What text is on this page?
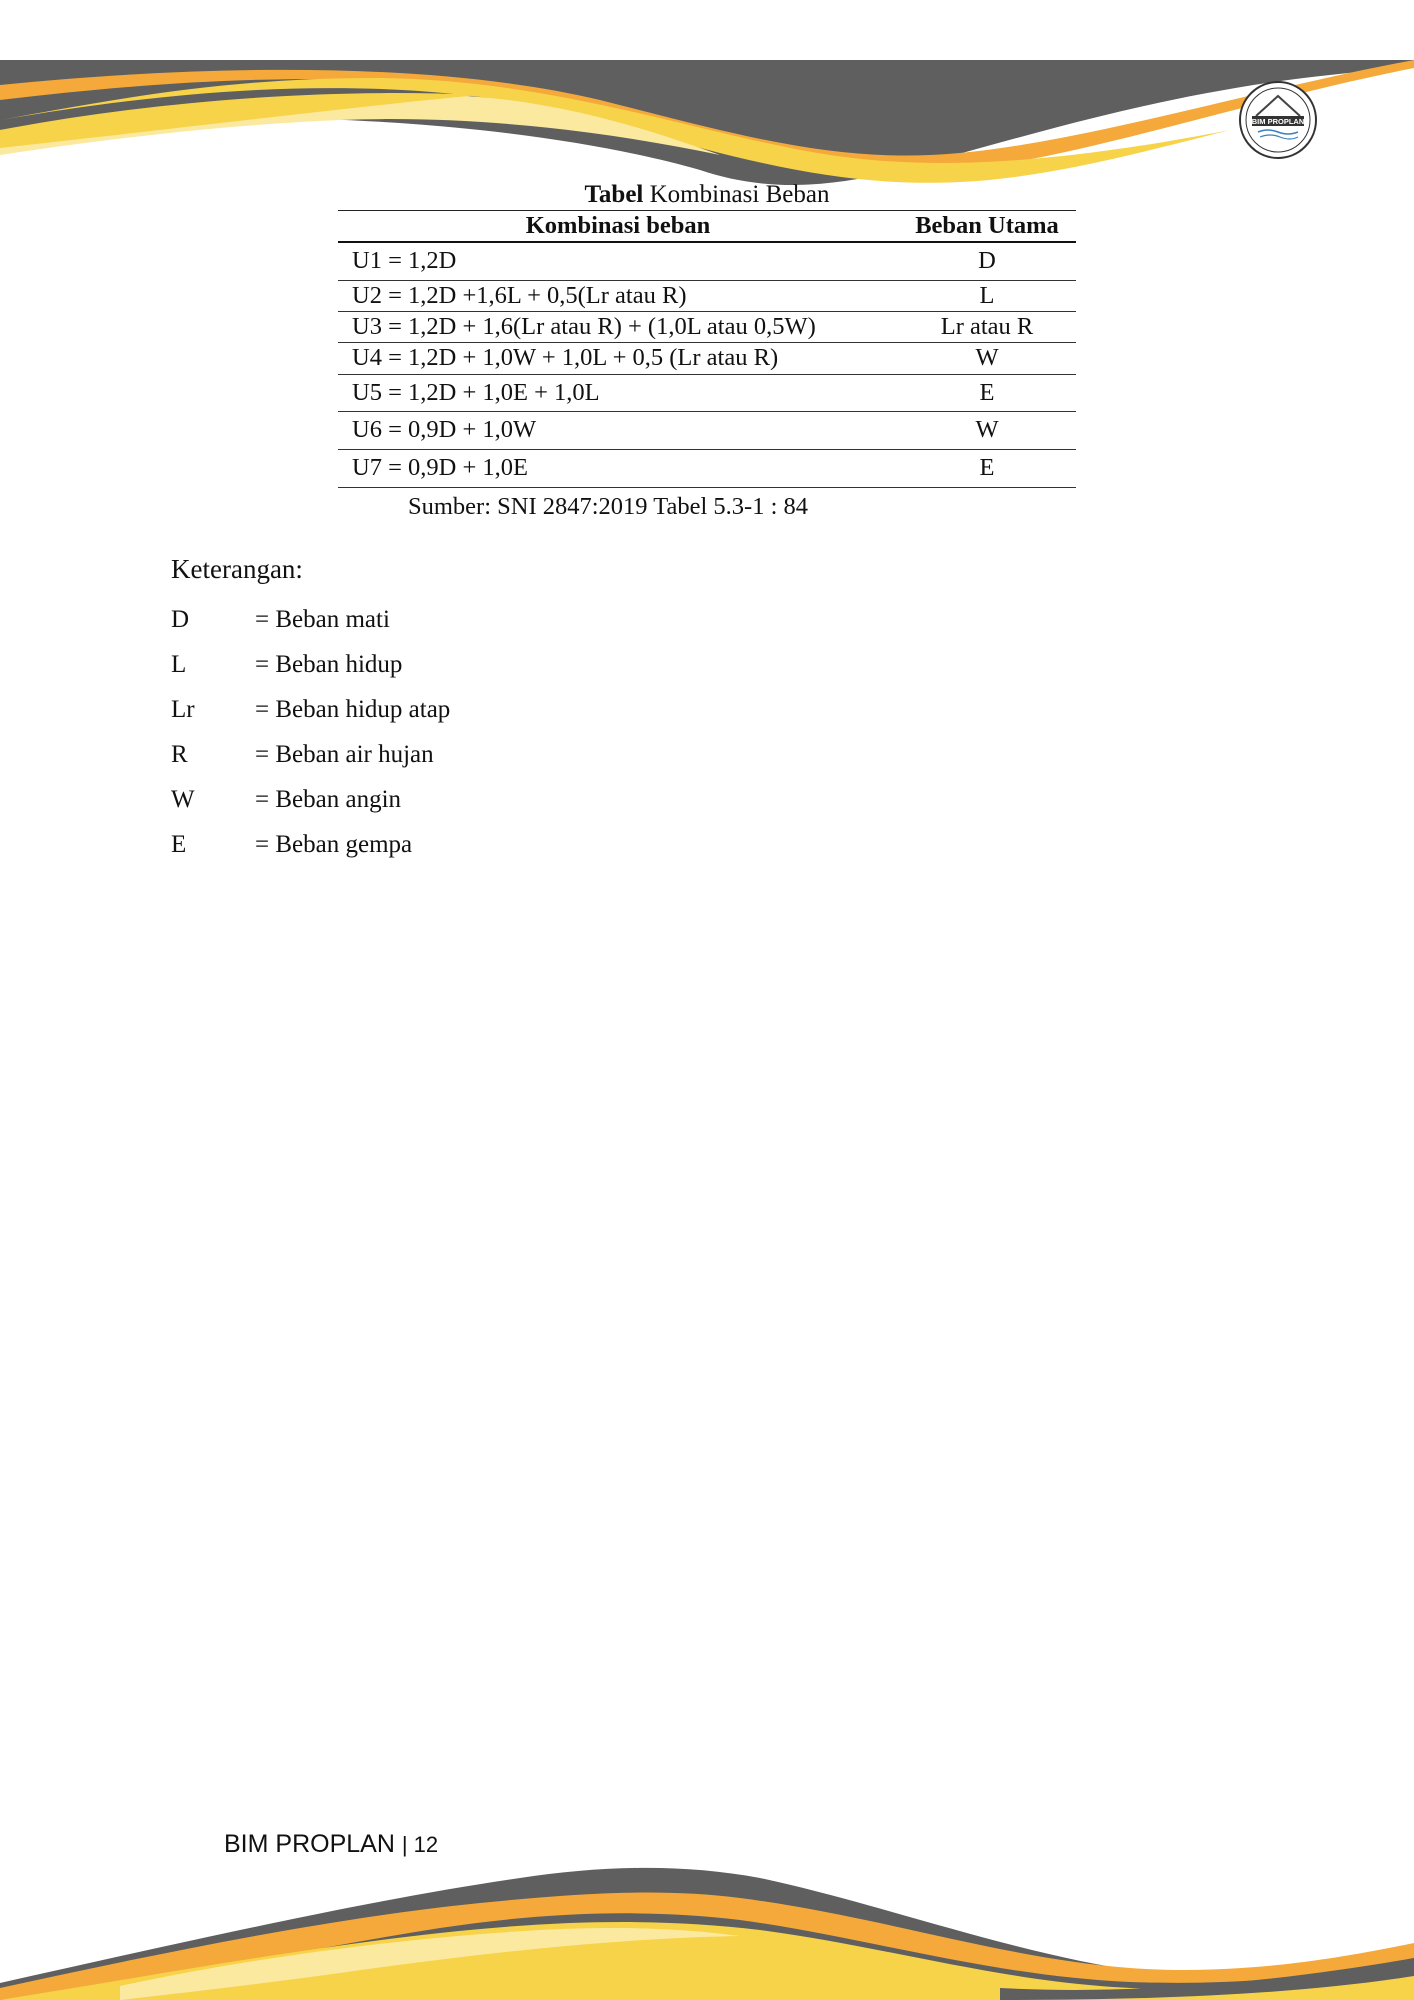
BIM PROPLAN
Tabel Kombinasi Beban
Kombinasi beban	Beban Utama
U1 = 1,2D	D
U2 = 1,2D +1,6L + 0,5(Lr atau R)	L
U3 = 1,2D + 1,6(Lr atau R) + (1,0L atau 0,5W)	Lr atau R
U4 = 1,2D + 1,0W + 1,0L + 0,5 (Lr atau R)	W
U5 = 1,2D + 1,0E + 1,0L	E
U6 = 0,9D + 1,0W	W
U7 = 0,9D + 1,0E	E
Sumber: SNI 2847:2019 Tabel 5.3-1 : 84
Keterangan:
D	= Beban mati
L	= Beban hidup
Lr = Beban hidup atap
R	= Beban air hujan
W = Beban angin
E	= Beban gempa
BIM PROPLAN | 12
